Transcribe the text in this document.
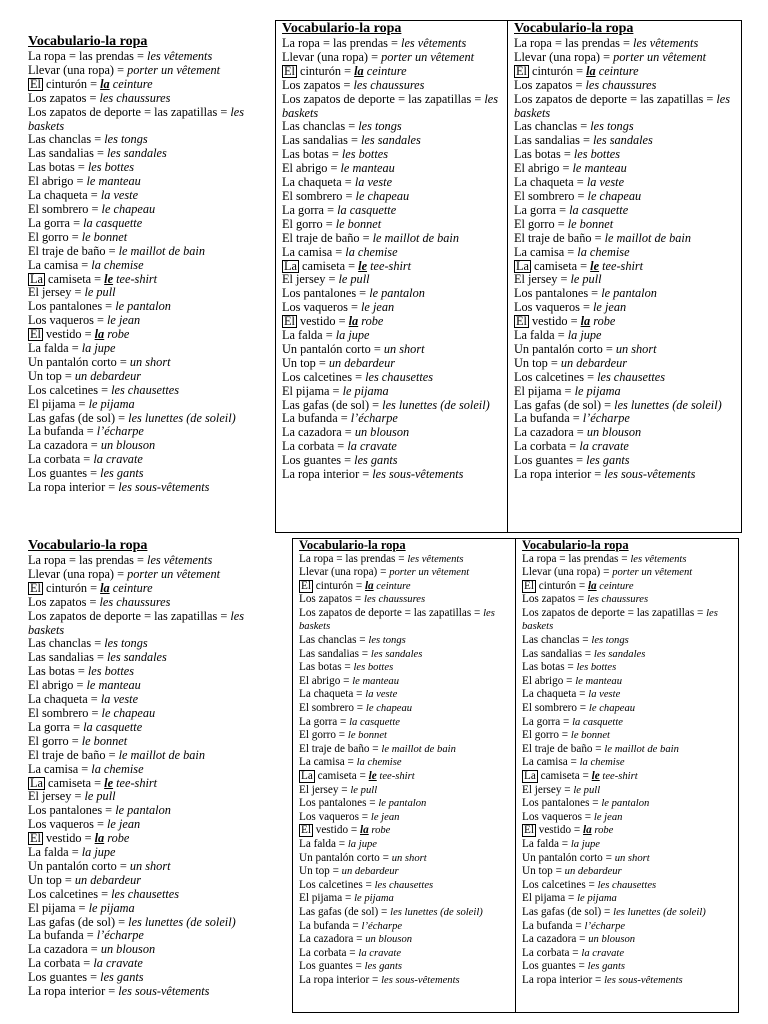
Vocabulario-la ropa
La ropa = las prendas = les vêtements
Llevar (una ropa) = porter un vêtement
El cinturón = la ceinture
Los zapatos = les chaussures
Los zapatos de deporte = las zapatillas = les baskets
Las chanclas = les tongs
Las sandalias = les sandales
Las botas = les bottes
El abrigo = le manteau
La chaqueta = la veste
El sombrero = le chapeau
La gorra = la casquette
El gorro = le bonnet
El traje de baño = le maillot de bain
La camisa = la chemise
La camiseta = le tee-shirt
El jersey = le pull
Los pantalones = le pantalon
Los vaqueros = le jean
El vestido = la robe
La falda = la jupe
Un pantalón corto = un short
Un top = un debardeur
Los calcetines = les chausettes
El pijama = le pijama
Las gafas (de sol) = les lunettes (de soleil)
La bufanda = l’écharpe
La cazadora = un blouson
La corbata = la cravate
Los guantes = les gants
La ropa interior = les sous-vêtements
Vocabulario-la ropa
La ropa = las prendas = les vêtements
Llevar (una ropa) = porter un vêtement
El cinturón = la ceinture
Los zapatos = les chaussures
Los zapatos de deporte = las zapatillas = les baskets
Las chanclas = les tongs
Las sandalias = les sandales
Las botas = les bottes
El abrigo = le manteau
La chaqueta = la veste
El sombrero = le chapeau
La gorra = la casquette
El gorro = le bonnet
El traje de baño = le maillot de bain
La camisa = la chemise
La camiseta = le tee-shirt
El jersey = le pull
Los pantalones = le pantalon
Los vaqueros = le jean
El vestido = la robe
La falda = la jupe
Un pantalón corto = un short
Un top = un debardeur
Los calcetines = les chausettes
El pijama = le pijama
Las gafas (de sol) = les lunettes (de soleil)
La bufanda = l’écharpe
La cazadora = un blouson
La corbata = la cravate
Los guantes = les gants
La ropa interior = les sous-vêtements
Vocabulario-la ropa
La ropa = las prendas = les vêtements
Llevar (una ropa) = porter un vêtement
El cinturón = la ceinture
Los zapatos = les chaussures
Los zapatos de deporte = las zapatillas = les baskets
Las chanclas = les tongs
Las sandalias = les sandales
Las botas = les bottes
El abrigo = le manteau
La chaqueta = la veste
El sombrero = le chapeau
La gorra = la casquette
El gorro = le bonnet
El traje de baño = le maillot de bain
La camisa = la chemise
La camiseta = le tee-shirt
El jersey = le pull
Los pantalones = le pantalon
Los vaqueros = le jean
El vestido = la robe
La falda = la jupe
Un pantalón corto = un short
Un top = un debardeur
Los calcetines = les chausettes
El pijama = le pijama
Las gafas (de sol) = les lunettes (de soleil)
La bufanda = l’écharpe
La cazadora = un blouson
La corbata = la cravate
Los guantes = les gants
La ropa interior = les sous-vêtements
Vocabulario-la ropa
La ropa = las prendas = les vêtements
Llevar (una ropa) = porter un vêtement
El cinturón = la ceinture
Los zapatos = les chaussures
Los zapatos de deporte = las zapatillas = les baskets
Las chanclas = les tongs
Las sandalias = les sandales
Las botas = les bottes
El abrigo = le manteau
La chaqueta = la veste
El sombrero = le chapeau
La gorra = la casquette
El gorro = le bonnet
El traje de baño = le maillot de bain
La camisa = la chemise
La camiseta = le tee-shirt
El jersey = le pull
Los pantalones = le pantalon
Los vaqueros = le jean
El vestido = la robe
La falda = la jupe
Un pantalón corto = un short
Un top = un debardeur
Los calcetines = les chausettes
El pijama = le pijama
Las gafas (de sol) = les lunettes (de soleil)
La bufanda = l’écharpe
La cazadora = un blouson
La corbata = la cravate
Los guantes = les gants
La ropa interior = les sous-vêtements
Vocabulario-la ropa
La ropa = las prendas = les vêtements
Llevar (una ropa) = porter un vêtement
El cinturón = la ceinture
Los zapatos = les chaussures
Los zapatos de deporte = las zapatillas = les baskets
Las chanclas = les tongs
Las sandalias = les sandales
Las botas = les bottes
El abrigo = le manteau
La chaqueta = la veste
El sombrero = le chapeau
La gorra = la casquette
El gorro = le bonnet
El traje de baño = le maillot de bain
La camisa = la chemise
La camiseta = le tee-shirt
El jersey = le pull
Los pantalones = le pantalon
Los vaqueros = le jean
El vestido = la robe
La falda = la jupe
Un pantalón corto = un short
Un top = un debardeur
Los calcetines = les chausettes
El pijama = le pijama
Las gafas (de sol) = les lunettes (de soleil)
La bufanda = l’écharpe
La cazadora = un blouson
La corbata = la cravate
Los guantes = les gants
La ropa interior = les sous-vêtements
Vocabulario-la ropa
La ropa = las prendas = les vêtements
Llevar (una ropa) = porter un vêtement
El cinturón = la ceinture
Los zapatos = les chaussures
Los zapatos de deporte = las zapatillas = les baskets
Las chanclas = les tongs
Las sandalias = les sandales
Las botas = les bottes
El abrigo = le manteau
La chaqueta = la veste
El sombrero = le chapeau
La gorra = la casquette
El gorro = le bonnet
El traje de baño = le maillot de bain
La camisa = la chemise
La camiseta = le tee-shirt
El jersey = le pull
Los pantalones = le pantalon
Los vaqueros = le jean
El vestido = la robe
La falda = la jupe
Un pantalón corto = un short
Un top = un debardeur
Los calcetines = les chausettes
El pijama = le pijama
Las gafas (de sol) = les lunettes (de soleil)
La bufanda = l’écharpe
La cazadora = un blouson
La corbata = la cravate
Los guantes = les gants
La ropa interior = les sous-vêtements
